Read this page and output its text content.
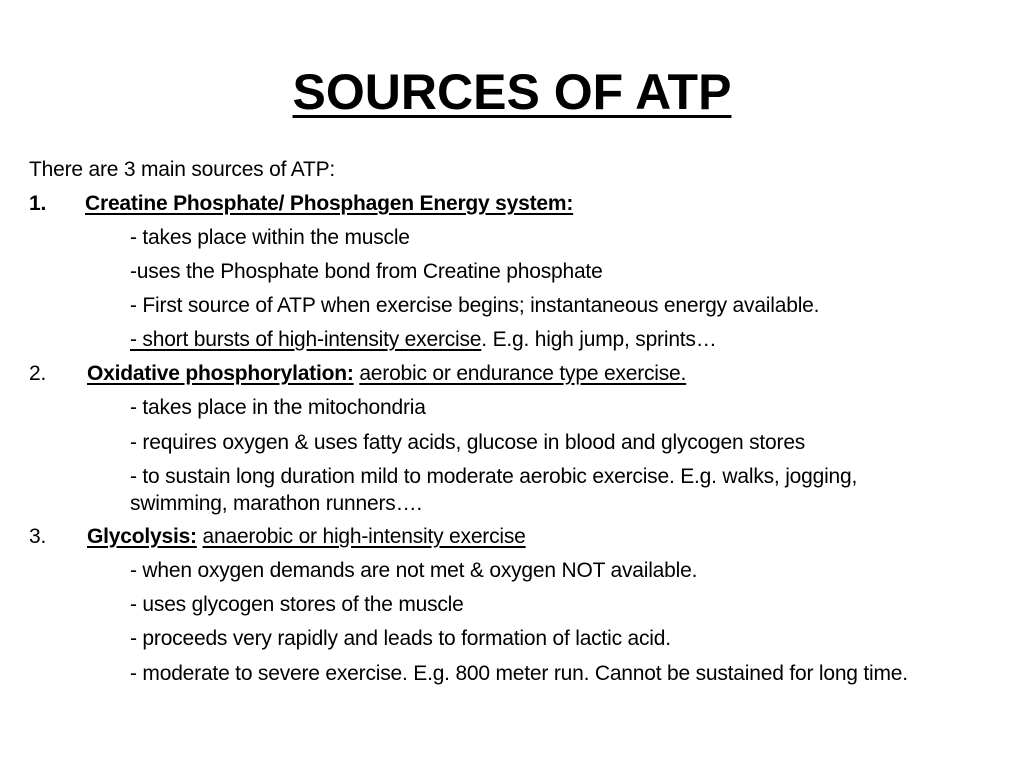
SOURCES OF ATP
There are 3 main sources of ATP:
1.	Creatine Phosphate/ Phosphagen Energy system:
- takes place within the muscle
-uses the Phosphate bond from Creatine phosphate
- First source of ATP when exercise begins; instantaneous energy available.
- short bursts of high-intensity exercise. E.g. high jump, sprints…
2.	Oxidative phosphorylation:
aerobic or endurance type exercise.
- takes place in the mitochondria
- requires oxygen & uses fatty acids, glucose in blood and glycogen stores
- to sustain long duration mild to moderate aerobic exercise. E.g. walks, jogging, swimming, marathon runners….
3.	Glycolysis:
anaerobic or high-intensity exercise
- when oxygen demands are not met & oxygen NOT available.
- uses glycogen stores of the muscle
- proceeds very rapidly and leads to formation of lactic acid.
- moderate to severe exercise. E.g. 800 meter run. Cannot be sustained for long time.
